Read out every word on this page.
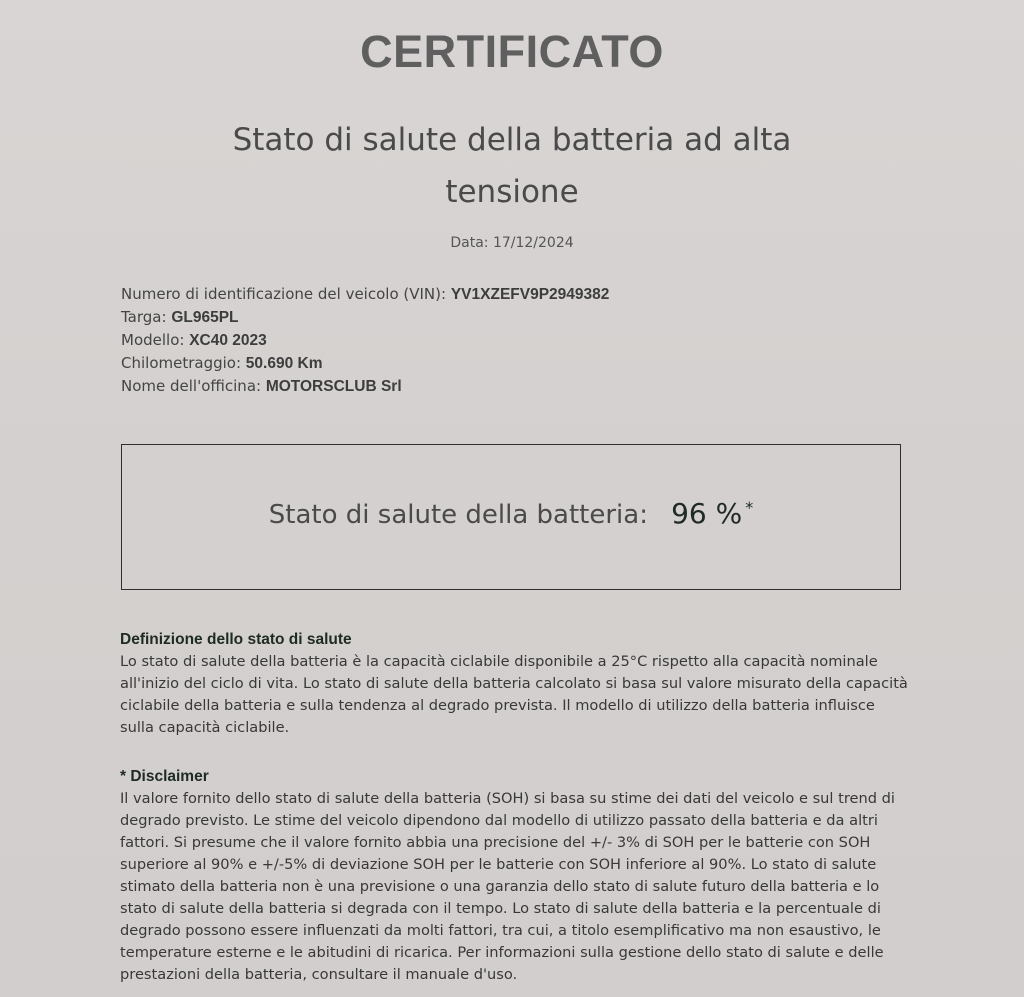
CERTIFICATO
Stato di salute della batteria ad alta
tensione
Data: 17/12/2024
Numero di identificazione del veicolo (VIN): YV1XZEFV9P2949382
Targa: GL965PL
Modello: XC40 2023
Chilometraggio: 50.690 Km
Nome dell'officina: MOTORSCLUB Srl
Stato di salute della batteria: 96 % *
Definizione dello stato di salute

Lo stato di salute della batteria è la capacità ciclabile disponibile a 25°C rispetto alla capacità nominale all'inizio del ciclo di vita. Lo stato di salute della batteria calcolato si basa sul valore misurato della capacità ciclabile della batteria e sulla tendenza al degrado prevista. Il modello di utilizzo della batteria influisce sulla capacità ciclabile.

* Disclaimer

Il valore fornito dello stato di salute della batteria (SOH) si basa su stime dei dati del veicolo e sul trend di degrado previsto. Le stime del veicolo dipendono dal modello di utilizzo passato della batteria e da altri fattori. Si presume che il valore fornito abbia una precisione del +/- 3% di SOH per le batterie con SOH superiore al 90% e +/-5% di deviazione SOH per le batterie con SOH inferiore al 90%. Lo stato di salute stimato della batteria non è una previsione o una garanzia dello stato di salute futuro della batteria e lo stato di salute della batteria si degrada con il tempo. Lo stato di salute della batteria e la percentuale di degrado possono essere influenzati da molti fattori, tra cui, a titolo esemplificativo ma non esaustivo, le temperature esterne e le abitudini di ricarica. Per informazioni sulla gestione dello stato di salute e delle prestazioni della batteria, consultare il manuale d'uso.
